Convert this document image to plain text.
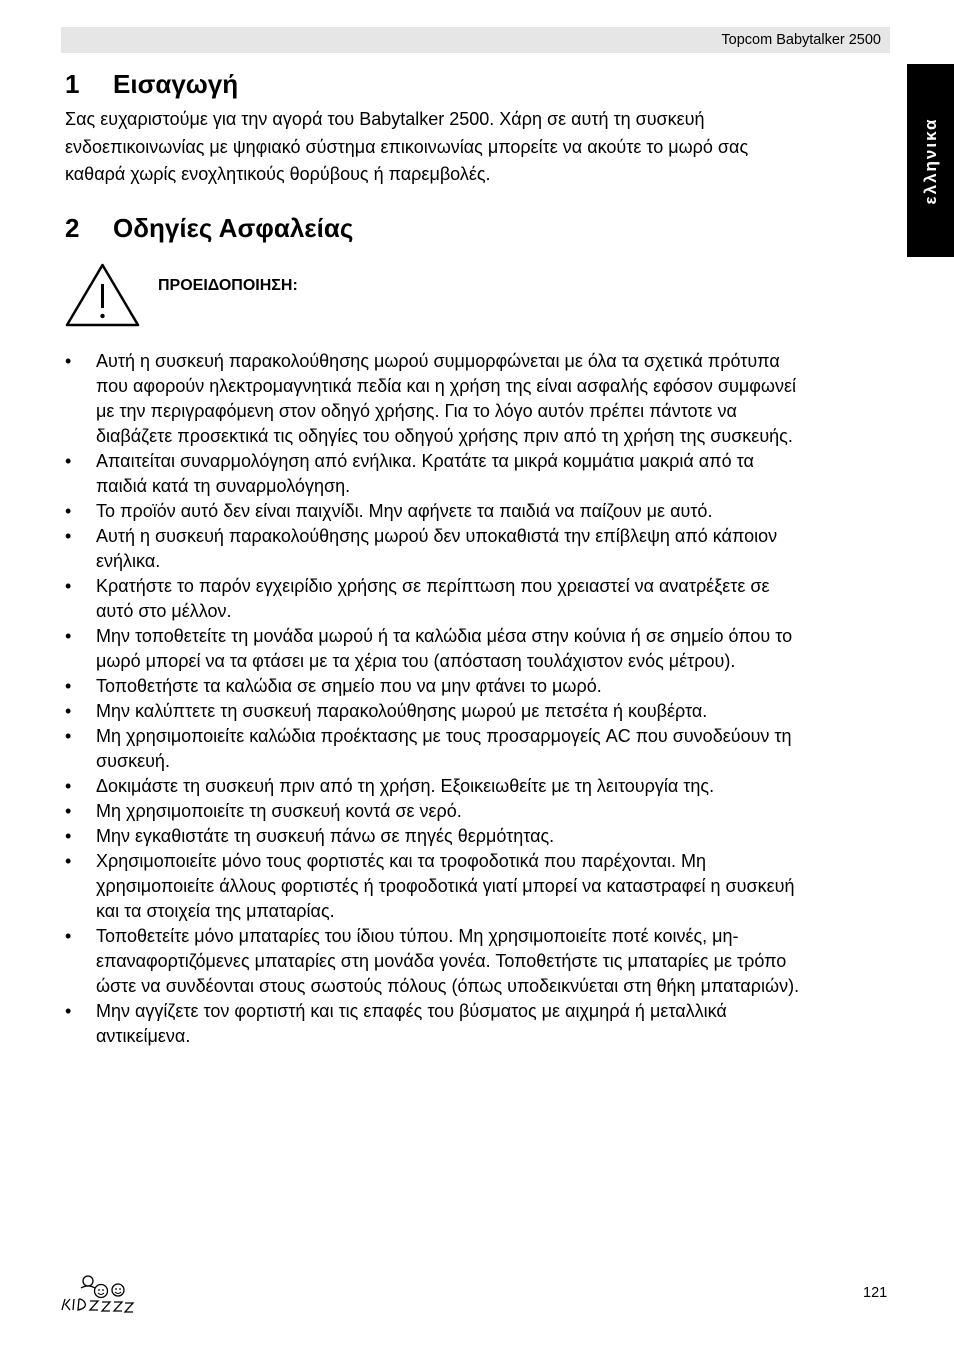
Topcom Babytalker 2500
ελληνικα
1 Εισαγωγή

Σας ευχαριστούμε για την αγορά του Babytalker 2500. Χάρη σε αυτή τη συσκευή
ενδοεπικοινωνίας με ψηφιακό σύστημα επικοινωνίας μπορείτε να ακούτε το μωρό σας
καθαρά χωρίς ενοχλητικούς θορύβους ή παρεμβολές.

2 Οδηγίες Ασφαλείας
ΠΡΟΕΙΔΟΠΟΙΗΣΗ:
• Αυτή η συσκευή παρακολούθησης μωρού συμμορφώνεται με όλα τα σχετικά πρότυπα
που αφορούν ηλεκτρομαγνητικά πεδία και η χρήση της είναι ασφαλής εφόσον συμφωνεί
με την περιγραφόμενη στον οδηγό χρήσης. Για το λόγο αυτόν πρέπει πάντοτε να
διαβάζετε προσεκτικά τις οδηγίες του οδηγού χρήσης πριν από τη χρήση της συσκευής.
• Απαιτείται συναρμολόγηση από ενήλικα. Κρατάτε τα μικρά κομμάτια μακριά από τα
παιδιά κατά τη συναρμολόγηση.
• Το προϊόν αυτό δεν είναι παιχνίδι. Μην αφήνετε τα παιδιά να παίζουν με αυτό.
• Αυτή η συσκευή παρακολούθησης μωρού δεν υποκαθιστά την επίβλεψη από κάποιον
ενήλικα.
• Κρατήστε το παρόν εγχειρίδιο χρήσης σε περίπτωση που χρειαστεί να ανατρέξετε σε
αυτό στο μέλλον.
• Μην τοποθετείτε τη μονάδα μωρού ή τα καλώδια μέσα στην κούνια ή σε σημείο όπου το
μωρό μπορεί να τα φτάσει με τα χέρια του (απόσταση τουλάχιστον ενός μέτρου).
• Τοποθετήστε τα καλώδια σε σημείο που να μην φτάνει το μωρό.
• Μην καλύπτετε τη συσκευή παρακολούθησης μωρού με πετσέτα ή κουβέρτα.
• Μη χρησιμοποιείτε καλώδια προέκτασης με τους προσαρμογείς AC που συνοδεύουν τη
συσκευή.
• Δοκιμάστε τη συσκευή πριν από τη χρήση. Εξοικειωθείτε με τη λειτουργία της.
• Μη χρησιμοποιείτε τη συσκευή κοντά σε νερό.
• Μην εγκαθιστάτε τη συσκευή πάνω σε πηγές θερμότητας.
• Χρησιμοποιείτε μόνο τους φορτιστές και τα τροφοδοτικά που παρέχονται. Μη
χρησιμοποιείτε άλλους φορτιστές ή τροφοδοτικά γιατί μπορεί να καταστραφεί η συσκευή
και τα στοιχεία της μπαταρίας.
• Τοποθετείτε μόνο μπαταρίες του ίδιου τύπου. Μη χρησιμοποιείτε ποτέ κοινές, μη-
επαναφορτιζόμενες μπαταρίες στη μονάδα γονέα. Τοποθετήστε τις μπαταρίες με τρόπο
ώστε να συνδέονται στους σωστούς πόλους (όπως υποδεικνύεται στη θήκη μπαταριών).
• Μην αγγίζετε τον φορτιστή και τις επαφές του βύσματος με αιχμηρά ή μεταλλικά
αντικείμενα.
121
